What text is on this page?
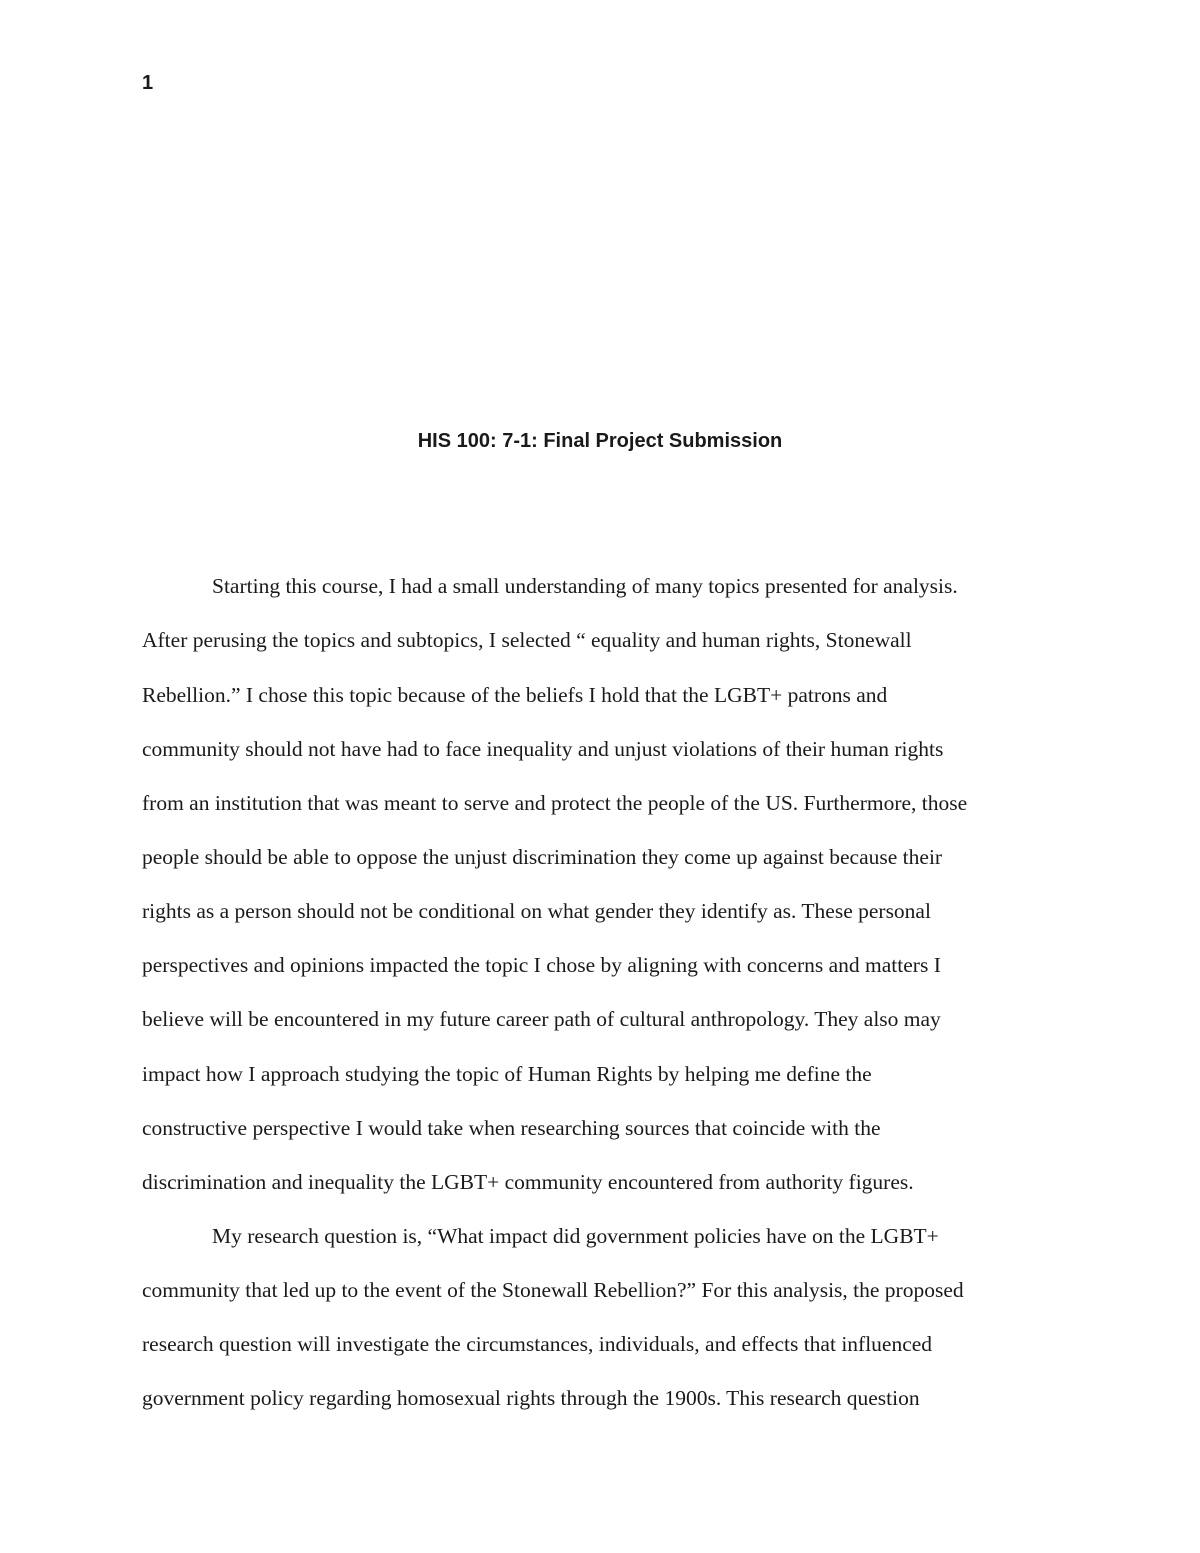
1
HIS 100: 7-1: Final Project Submission
Starting this course, I had a small understanding of many topics presented for analysis.
After perusing the topics and subtopics, I selected “ equality and human rights, Stonewall
Rebellion.” I chose this topic because of the beliefs I hold that the LGBT+ patrons and
community should not have had to face inequality and unjust violations of their human rights
from an institution that was meant to serve and protect the people of the US. Furthermore, those
people should be able to oppose the unjust discrimination they come up against because their
rights as a person should not be conditional on what gender they identify as. These personal
perspectives and opinions impacted the topic I chose by aligning with concerns and matters I
believe will be encountered in my future career path of cultural anthropology. They also may
impact how I approach studying the topic of Human Rights by helping me define the
constructive perspective I would take when researching sources that coincide with the
discrimination and inequality the LGBT+ community encountered from authority figures.
My research question is, “What impact did government policies have on the LGBT+
community that led up to the event of the Stonewall Rebellion?” For this analysis, the proposed
research question will investigate the circumstances, individuals, and effects that influenced
government policy regarding homosexual rights through the 1900s. This research question
